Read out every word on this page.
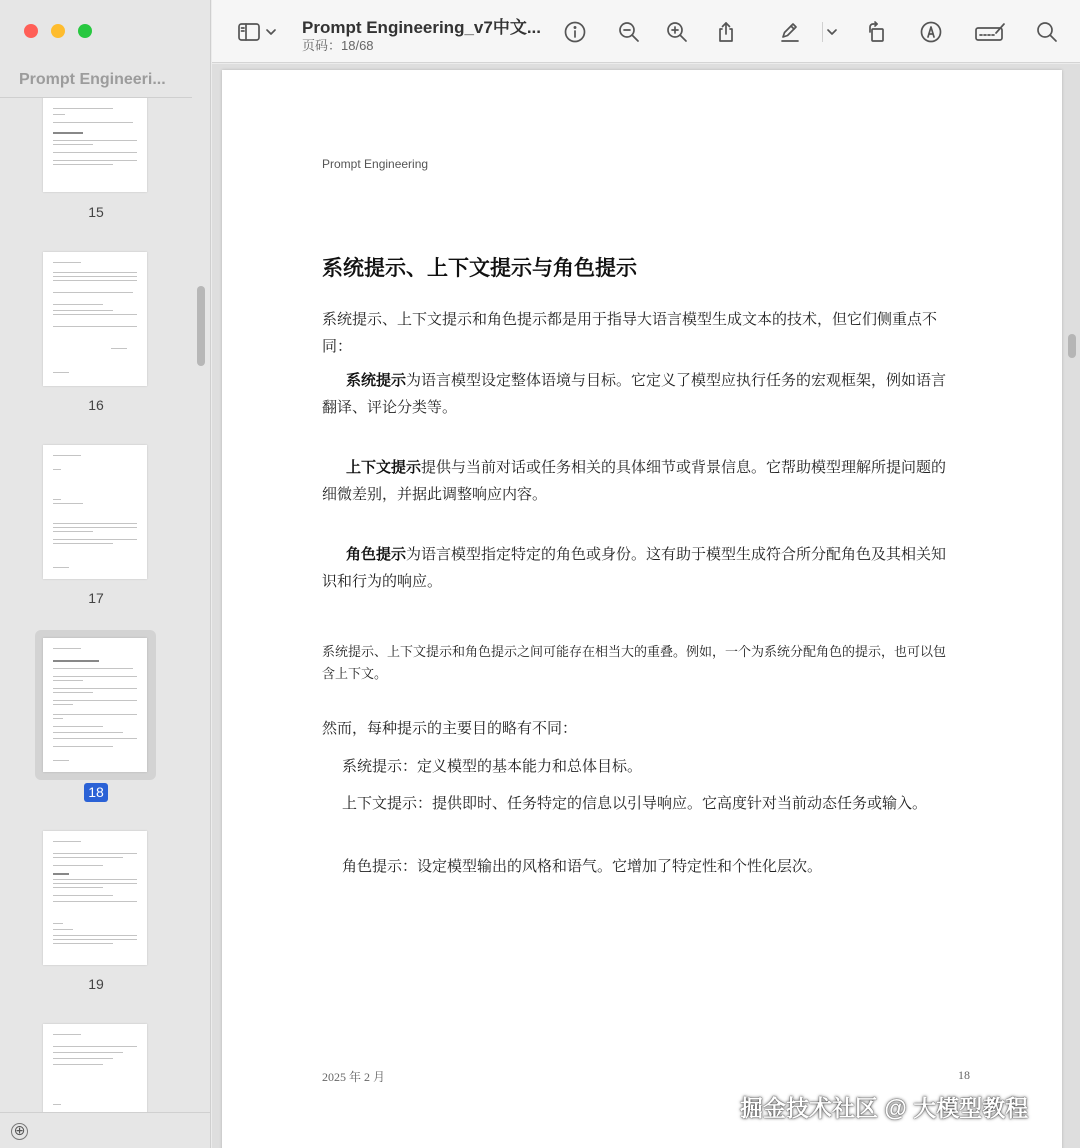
Prompt Engineeri...
15
16
17
18
19
⊕
Prompt Engineering_v7中文...
页码：18/68
Prompt Engineering
系统提示、上下文提示与角色提示
系统提示、上下文提示和角色提示都是用于指导大语言模型生成文本的技术，但它们侧重点不同：
系统提示为语言模型设定整体语境与目标。它定义了模型应执行任务的宏观框架，例如语言翻译、评论分类等。
上下文提示提供与当前对话或任务相关的具体细节或背景信息。它帮助模型理解所提问题的细微差别，并据此调整响应内容。
角色提示为语言模型指定特定的角色或身份。这有助于模型生成符合所分配角色及其相关知识和行为的响应。
系统提示、上下文提示和角色提示之间可能存在相当大的重叠。例如，一个为系统分配角色的提示，也可以包含上下文。
然而，每种提示的主要目的略有不同：
系统提示：定义模型的基本能力和总体目标。
上下文提示：提供即时、任务特定的信息以引导响应。它高度针对当前动态任务或输入。
角色提示：设定模型输出的风格和语气。它增加了特定性和个性化层次。
2025 年 2 月	18
掘金技术社区 @ 大模型教程
